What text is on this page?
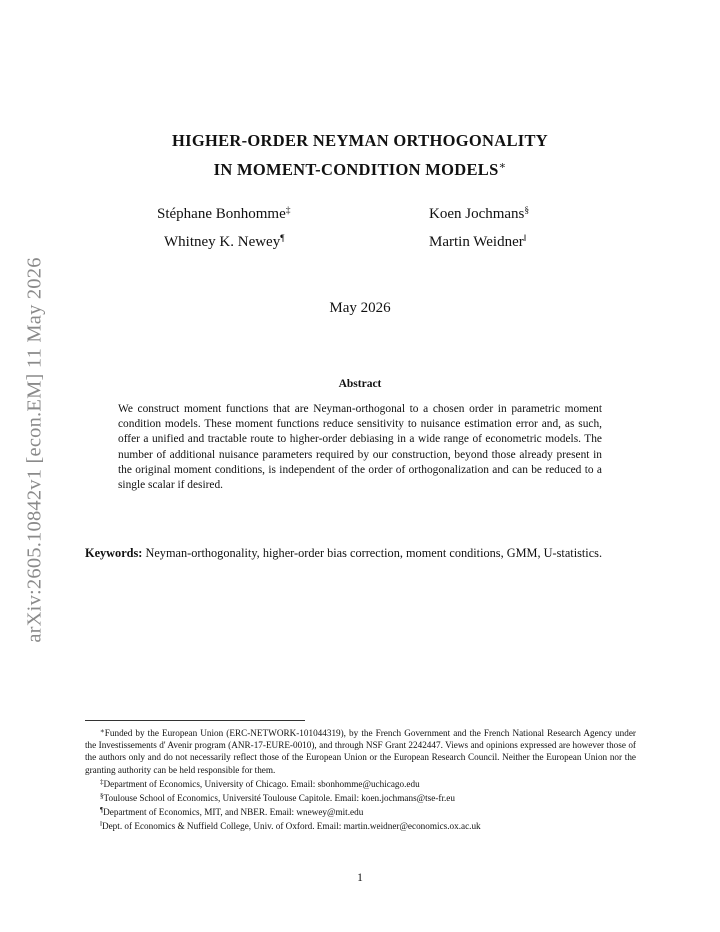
arXiv:2605.10842v1 [econ.EM] 11 May 2026
HIGHER-ORDER NEYMAN ORTHOGONALITY
IN MOMENT-CONDITION MODELS∗
Stéphane Bonhomme‡	Koen Jochmans§
Whitney K. Newey¶	Martin Weidner‖
May 2026
Abstract
We construct moment functions that are Neyman-orthogonal to a chosen order in parametric moment condition models. These moment functions reduce sensitivity to nuisance estimation error and, as such, offer a unified and tractable route to higher-order debiasing in a wide range of econometric models. The number of additional nuisance parameters required by our construction, beyond those already present in the original moment conditions, is independent of the order of orthogonalization and can be reduced to a single scalar if desired.
Keywords: Neyman-orthogonality, higher-order bias correction, moment conditions, GMM, U-statistics.
∗Funded by the European Union (ERC-NETWORK-101044319), by the French Government and the French National Research Agency under the Investissements d' Avenir program (ANR-17-EURE-0010), and through NSF Grant 2242447. Views and opinions expressed are however those of the authors only and do not necessarily reflect those of the European Union or the European Research Council. Neither the European Union nor the granting authority can be held responsible for them.
‡Department of Economics, University of Chicago. Email: sbonhomme@uchicago.edu
§Toulouse School of Economics, Université Toulouse Capitole. Email: koen.jochmans@tse-fr.eu
¶Department of Economics, MIT, and NBER. Email: wnewey@mit.edu
‖Dept. of Economics & Nuffield College, Univ. of Oxford. Email: martin.weidner@economics.ox.ac.uk
1
